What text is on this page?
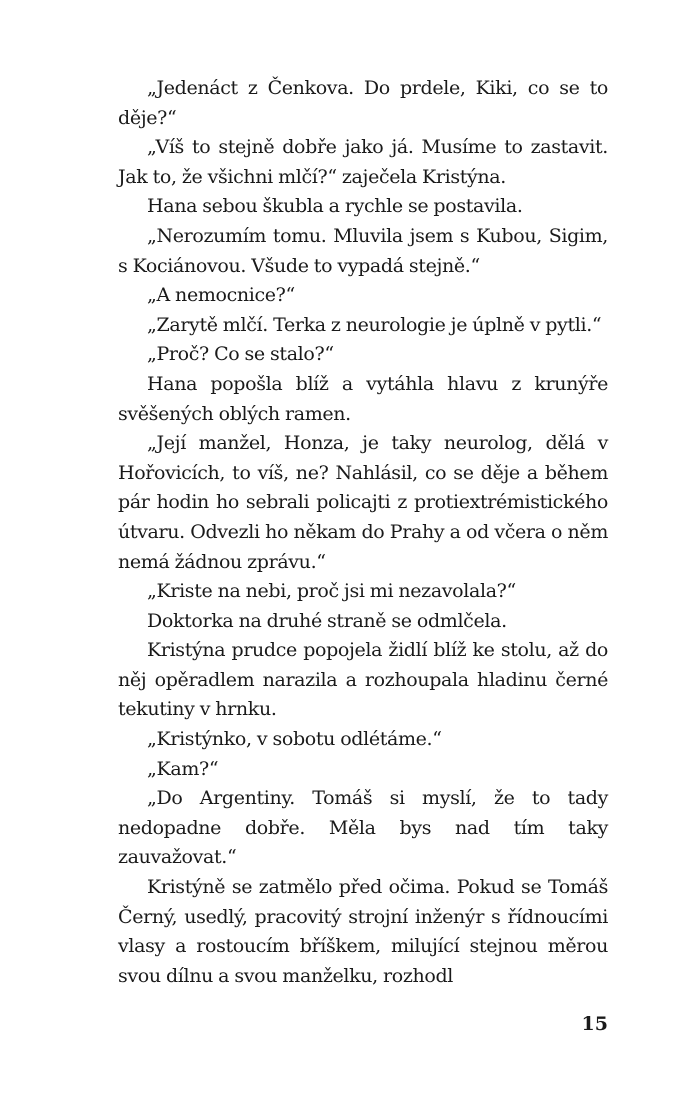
„Jedenáct z Čenkova. Do prdele, Kiki, co se to děje?“

„Víš to stejně dobře jako já. Musíme to zastavit. Jak to, že všichni mlčí?“ zaječela Kristýna.

Hana sebou škubla a rychle se postavila.

„Nerozumím tomu. Mluvila jsem s Kubou, Sigim, s Kociánovou. Všude to vypadá stejně.“

„A nemocnice?“

„Zarytě mlčí. Terka z neurologie je úplně v pytli.“

„Proč? Co se stalo?“

Hana popošla blíž a vytáhla hlavu z krunýře svěšených oblých ramen.

„Její manžel, Honza, je taky neurolog, dělá v Hořovicích, to víš, ne? Nahlásil, co se děje a během pár hodin ho sebrali policajti z protiextrémistického útvaru. Odvezli ho někam do Prahy a od včera o něm nemá žádnou zprávu.“

„Kriste na nebi, proč jsi mi nezavolala?“

Doktorka na druhé straně se odmlčela.

Kristýna prudce popojela židlí blíž ke stolu, až do něj opěradlem narazila a rozhoupala hladinu černé tekutiny v hrnku.

„Kristýnko, v sobotu odlétáme.“

„Kam?“

„Do Argentiny. Tomáš si myslí, že to tady nedopadne dobře. Měla bys nad tím taky zauvažovat.“

Kristýně se zatmělo před očima. Pokud se Tomáš Černý, usedlý, pracovitý strojní inženýr s řídnoucími vlasy a rostoucím bříškem, milující stejnou měrou svou dílnu a svou manželku, rozhodl

15
